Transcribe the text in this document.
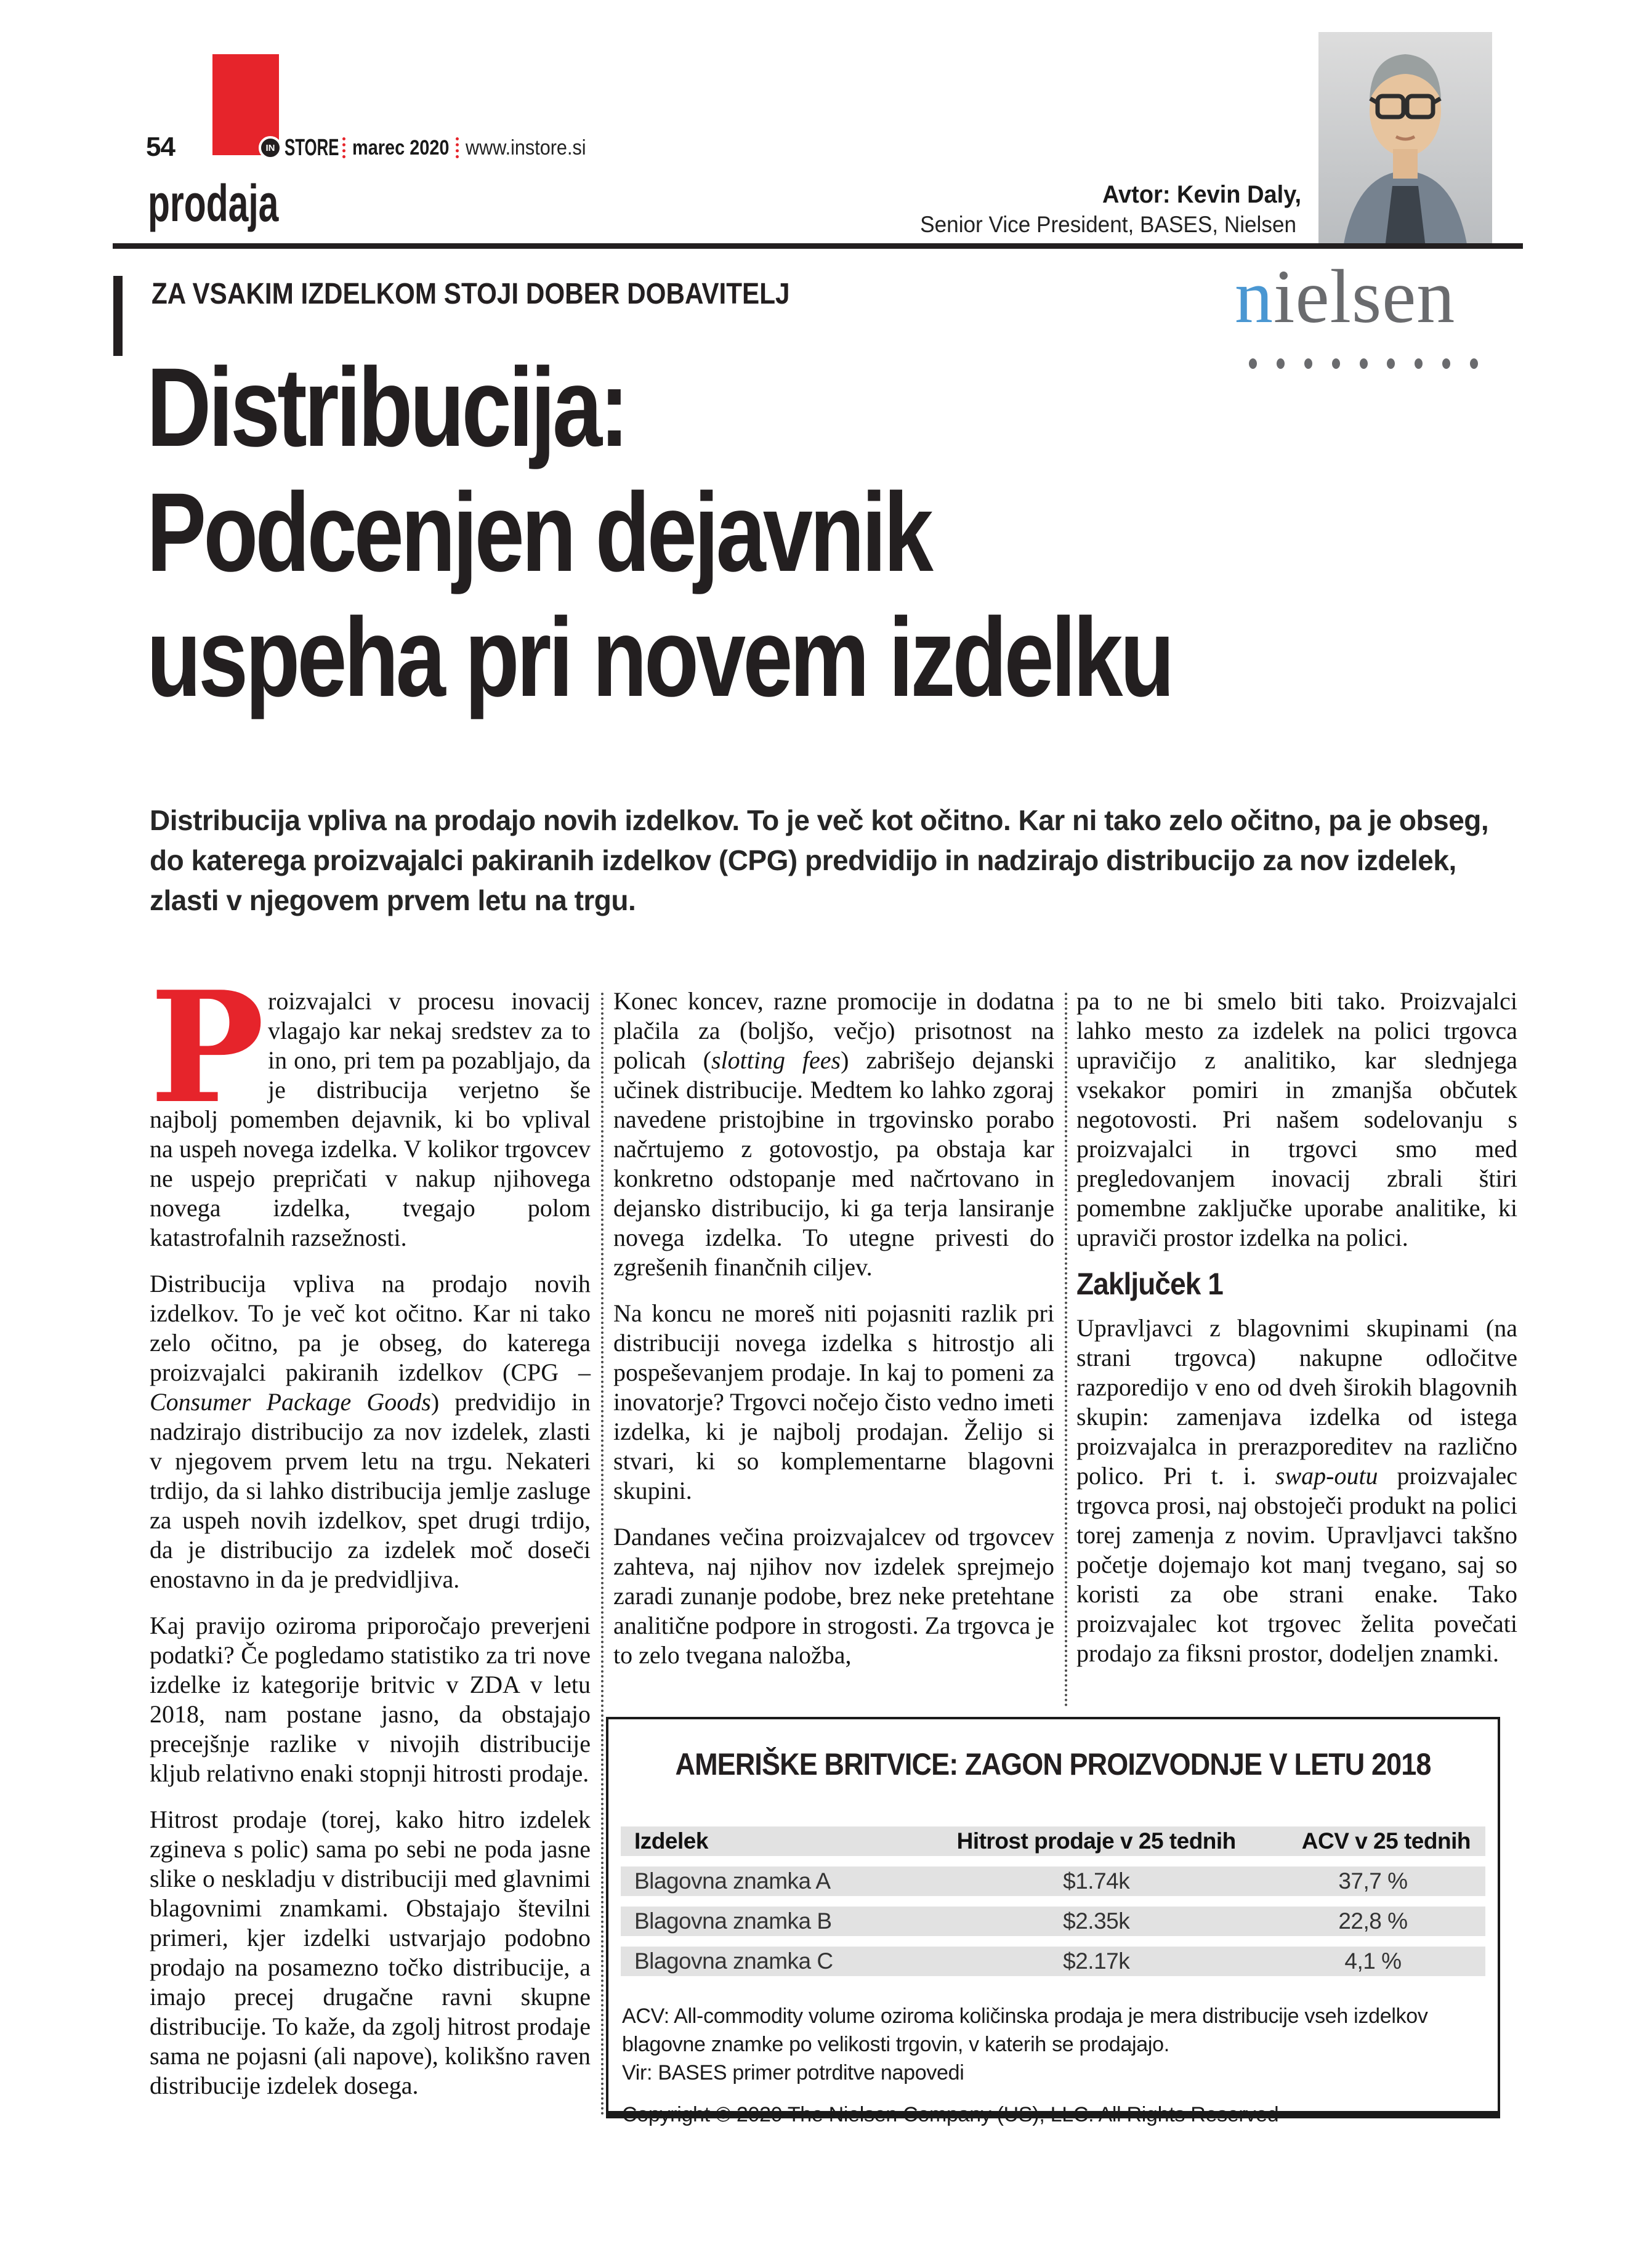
54	IN STORE marec 2020 www.instore.si
prodaja	Avtor: Kevin Daly,
Senior Vice President, BASES, Nielsen
nielsen
ZA VSAKIM IZDELKOM STOJI DOBER DOBAVITELJ
Distribucija:
Podcenjen dejavnik
uspeha pri novem izdelku
Distribucija vpliva na prodajo novih izdelkov. To je več kot očitno. Kar ni tako zelo očitno, pa je obseg, do katerega proizvajalci pakiranih izdelkov (CPG) predvidijo in nadzirajo distribucijo za nov izdelek, zlasti v njegovem prvem letu na trgu.

Proizvajalci v procesu inovacij vlagajo kar nekaj sredstev za to in ono, pri tem pa pozabljajo, da je distribucija verjetno še najbolj pomemben dejavnik, ki bo vplival na uspeh novega izdelka. V kolikor trgovcev ne uspejo prepričati v nakup njihovega novega izdelka, tvegajo polom katastrofalnih razsežnosti.

Distribucija vpliva na prodajo novih izdelkov. To je več kot očitno. Kar ni tako zelo očitno, pa je obseg, do katerega proizvajalci pakiranih izdelkov (CPG – Consumer Package Goods) predvidijo in nadzirajo distribucijo za nov izdelek, zlasti v njegovem prvem letu na trgu. Nekateri trdijo, da si lahko distribucija jemlje zasluge za uspeh novih izdelkov, spet drugi trdijo, da je distribucijo za izdelek moč doseči enostavno in da je predvidljiva.

Kaj pravijo oziroma priporočajo preverjeni podatki? Če pogledamo statistiko za tri nove izdelke iz kategorije britvic v ZDA v letu 2018, nam postane jasno, da obstajajo precejšnje razlike v nivojih distribucije kljub relativno enaki stopnji hitrosti prodaje.

Hitrost prodaje (torej, kako hitro izdelek zgineva s polic) sama po sebi ne poda jasne slike o neskladju v distribuciji med glavnimi blagovnimi znamkami. Obstajajo številni primeri, kjer izdelki ustvarjajo podobno prodajo na posamezno točko distribucije, a imajo precej drugačne ravni skupne distribucije. To kaže, da zgolj hitrost prodaje sama ne pojasni (ali napove), kolikšno raven distribucije izdelek dosega.

Konec koncev, razne promocije in dodatna plačila za (boljšo, večjo) prisotnost na policah (slotting fees) zabrišejo dejanski učinek distribucije. Medtem ko lahko zgoraj navedene pristojbine in trgovinsko porabo načrtujemo z gotovostjo, pa obstaja kar konkretno odstopanje med načrtovano in dejansko distribucijo, ki ga terja lansiranje novega izdelka. To utegne privesti do zgrešenih finančnih ciljev.

Na koncu ne moreš niti pojasniti razlik pri distribuciji novega izdelka s hitrostjo ali pospeševanjem prodaje. In kaj to pomeni za inovatorje? Trgovci nočejo čisto vedno imeti izdelka, ki je najbolj prodajan. Želijo si stvari, ki so komplementarne blagovni skupini.

Dandanes večina proizvajalcev od trgovcev zahteva, naj njihov nov izdelek sprejmejo zaradi zunanje podobe, brez neke pretehtane analitične podpore in strogosti. Za trgovca je to zelo tvegana naložba,

pa to ne bi smelo biti tako. Proizvajalci lahko mesto za izdelek na polici trgovca upravičijo z analitiko, kar slednjega vsekakor pomiri in zmanjša občutek negotovosti. Pri našem sodelovanju s proizvajalci in trgovci smo med pregledovanjem inovacij zbrali štiri pomembne zaključke uporabe analitike, ki upraviči prostor izdelka na polici.

Zaključek 1

Upravljavci z blagovnimi skupinami (na strani trgovca) nakupne odločitve razporedijo v eno od dveh širokih blagovnih skupin: zamenjava izdelka od istega proizvajalca in prerazporeditev na različno polico. Pri t. i. swap-outu proizvajalec trgovca prosi, naj obstoječi produkt na polici torej zamenja z novim. Upravljavci takšno početje dojemajo kot manj tvegano, saj so koristi za obe strani enake. Tako proizvajalec kot trgovec želita povečati prodajo za fiksni prostor, dodeljen znamki.

AMERIŠKE BRITVICE: ZAGON PROIZVODNJE V LETU 2018
Izdelek	Hitrost prodaje v 25 tednih	ACV v 25 tednih
Blagovna znamka A	$1.74k	37,7 %
Blagovna znamka B	$2.35k	22,8 %
Blagovna znamka C	$2.17k	4,1 %
ACV: All-commodity volume oziroma količinska prodaja je mera distribucije vseh izdelkov blagovne znamke po velikosti trgovin, v katerih se prodajajo.
Vir: BASES primer potrditve napovedi
Copyright © 2020 The Nielsen Company (US), LLC. All Rights Reserved
